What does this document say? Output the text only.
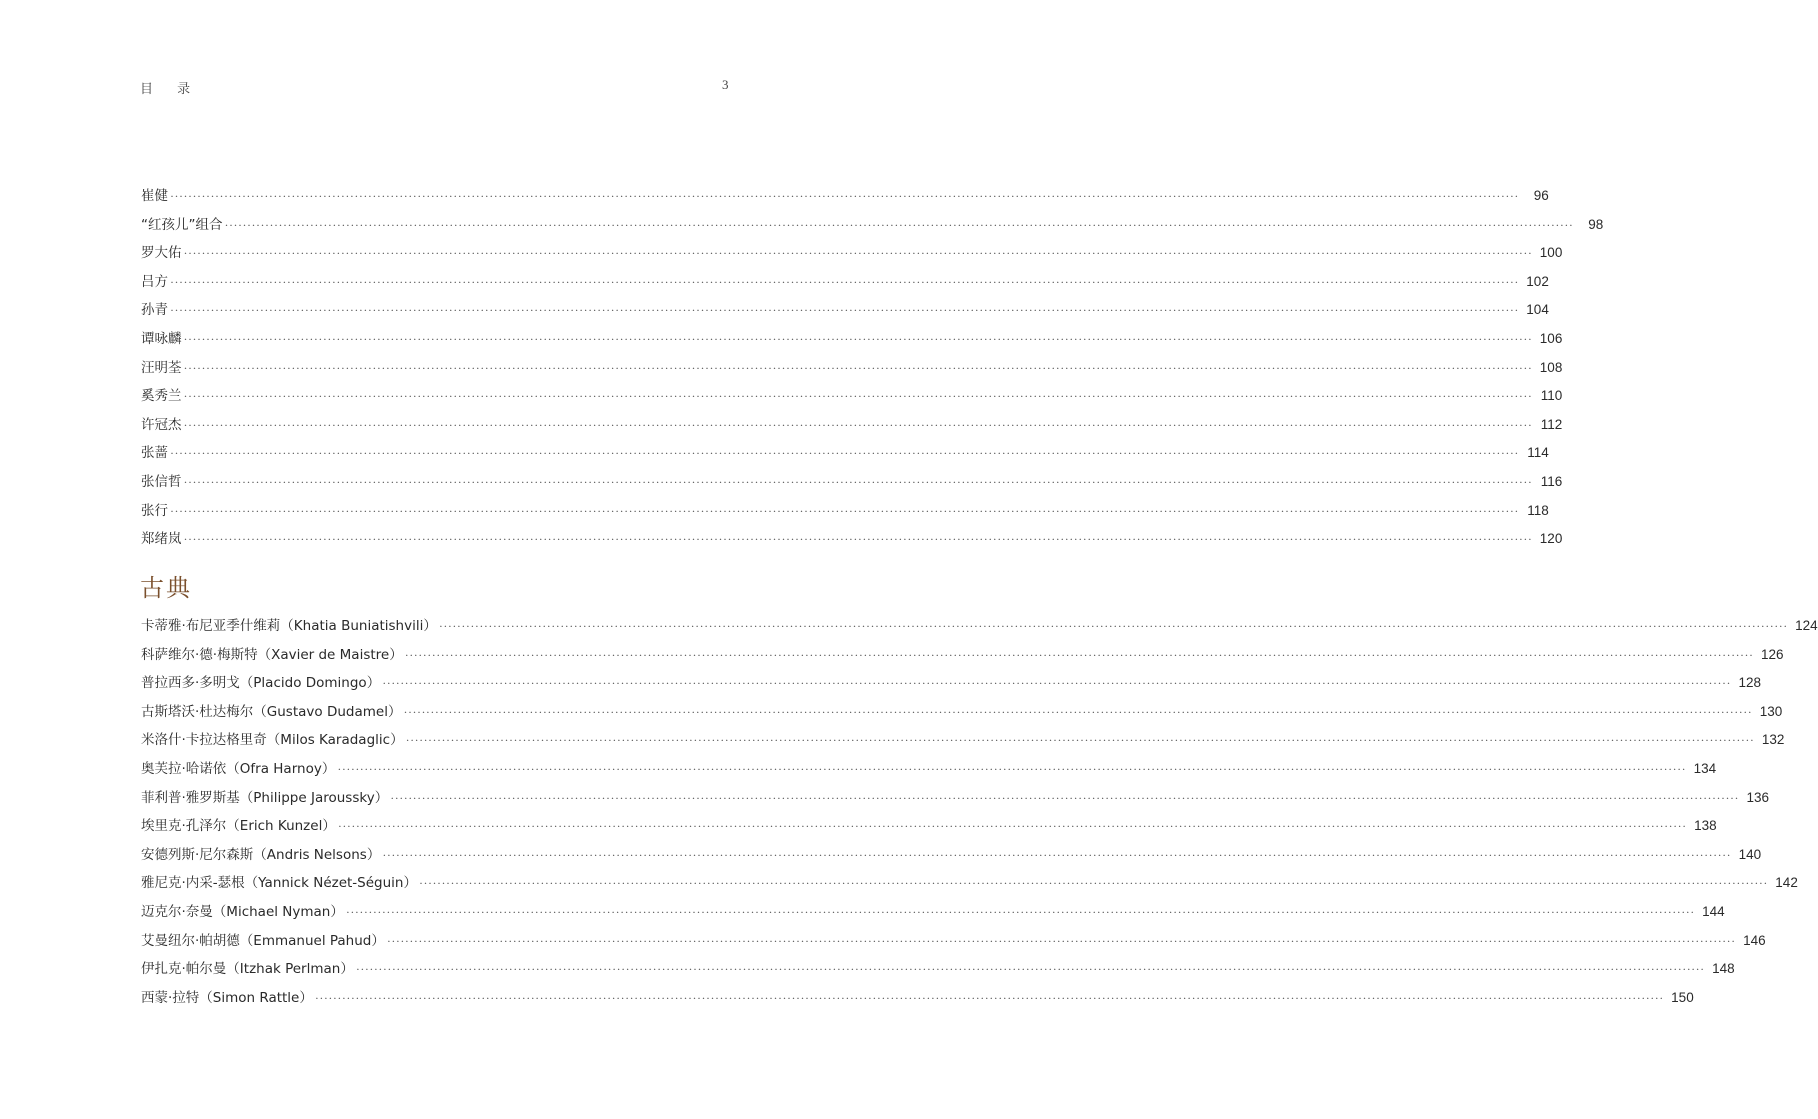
目 录	3
崔健 ············································································································································································································································································································	96
“红孩儿”组合 ············································································································································································································································································································	98
罗大佑 ············································································································································································································································································································ 100
吕方 ············································································································································································································································································································ 102
孙青 ············································································································································································································································································································ 104
谭咏麟 ············································································································································································································································································································ 106
汪明荃 ············································································································································································································································································································ 108
奚秀兰 ············································································································································································································································································································ 110
许冠杰 ············································································································································································································································································································ 112
张蔷 ············································································································································································································································································································ 114
张信哲 ············································································································································································································································································································ 116
张行 ············································································································································································································································································································ 118
郑绪岚 ············································································································································································································································································································ 120
古典
卡蒂雅·布尼亚季什维莉（Khatia Buniatishvili） ············································································································································································································································································································ 124
科萨维尔·德·梅斯特（Xavier de Maistre） ············································································································································································································································································································ 126
普拉西多·多明戈（Placido Domingo） ············································································································································································································································································································ 128
古斯塔沃·杜达梅尔（Gustavo Dudamel） ············································································································································································································································································································ 130
米洛什·卡拉达格里奇（Milos Karadaglic） ············································································································································································································································································································ 132
奥芙拉·哈诺依（Ofra Harnoy） ············································································································································································································································································································ 134
菲利普·雅罗斯基（Philippe Jaroussky） ············································································································································································································································································································ 136
埃里克·孔泽尔（Erich Kunzel） ············································································································································································································································································································ 138
安德列斯·尼尔森斯（Andris Nelsons） ············································································································································································································································································································ 140
雅尼克·内采-瑟根（Yannick Nézet-Séguin） ············································································································································································································································································································ 142
迈克尔·奈曼（Michael Nyman） ············································································································································································································································································································ 144
艾曼纽尔·帕胡德（Emmanuel Pahud） ············································································································································································································································································································ 146
伊扎克·帕尔曼（Itzhak Perlman） ············································································································································································································································································································ 148
西蒙·拉特（Simon Rattle） ············································································································································································································································································································ 150
